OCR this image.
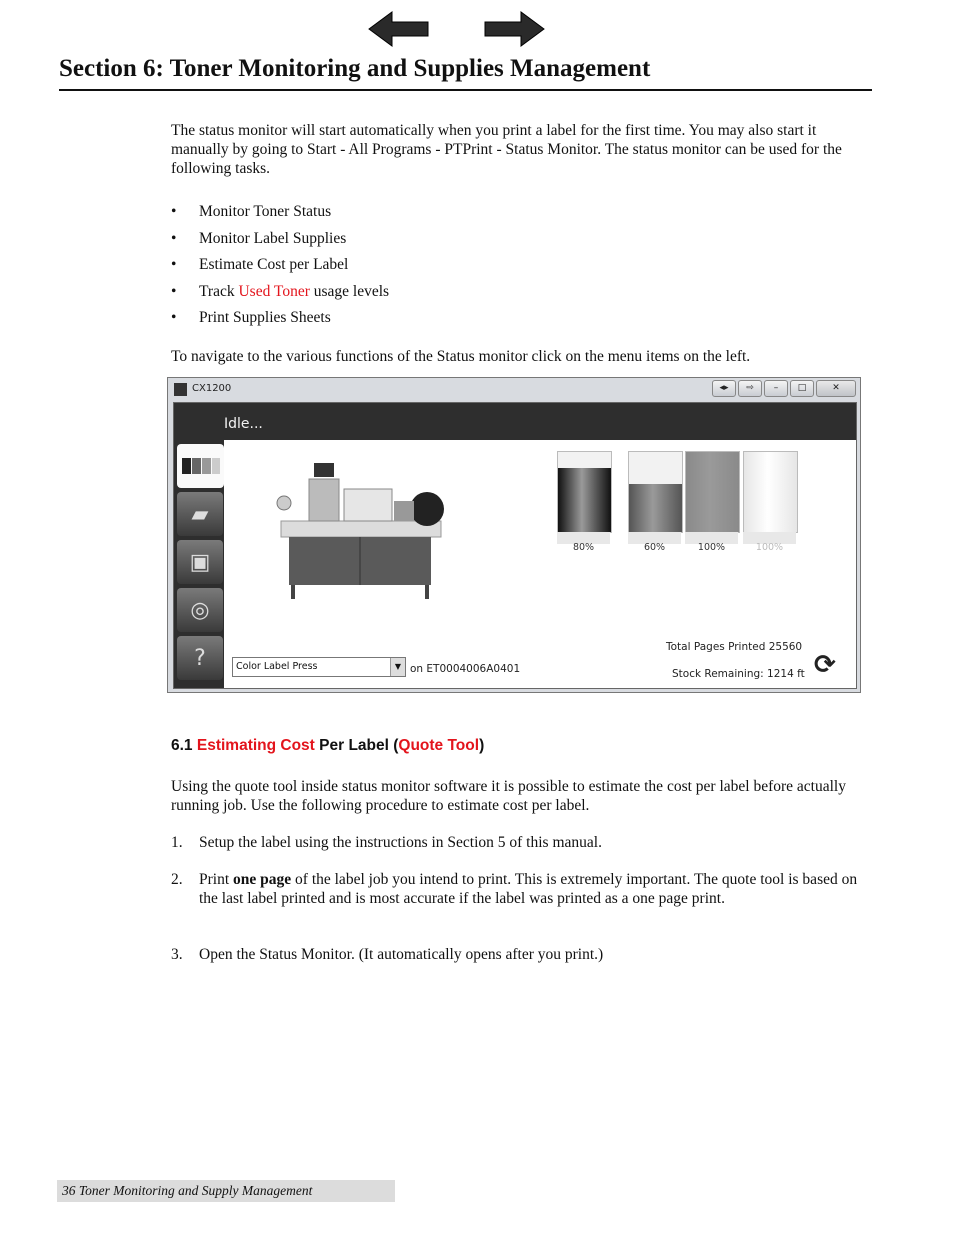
Section 6: Toner Monitoring and Supplies Management

The status monitor will start automatically when you print a label for the first time. You may also start it manually by going to Start - All Programs - PTPrint - Status Monitor. The status monitor can be used for the following tasks.

• Monitor Toner Status
• Monitor Label Supplies
• Estimate Cost per Label
• Track Used Toner usage levels
• Print Supplies Sheets

To navigate to the various functions of the Status monitor click on the menu items on the left.

CX1200	◂▸	⇨	–	□	✕
Idle...
▰
▣
◎
?
80%	60%	100%	100%
Color Label Press	▼ on ET0004006A0401
Total Pages Printed 25560
Stock Remaining: 1214 ft ⟳
6.1 Estimating Cost Per Label (Quote Tool)

Using the quote tool inside status monitor software it is possible to estimate the cost per label before actually running job. Use the following procedure to estimate cost per label.

1. Setup the label using the instructions in Section 5 of this manual.
2. Print one page of the label job you intend to print. This is extremely important. The quote tool is based on the last label printed and is most accurate if the label was printed as a one page print.
3. Open the Status Monitor. (It automatically opens after you print.)
36 Toner Monitoring and Supply Management
